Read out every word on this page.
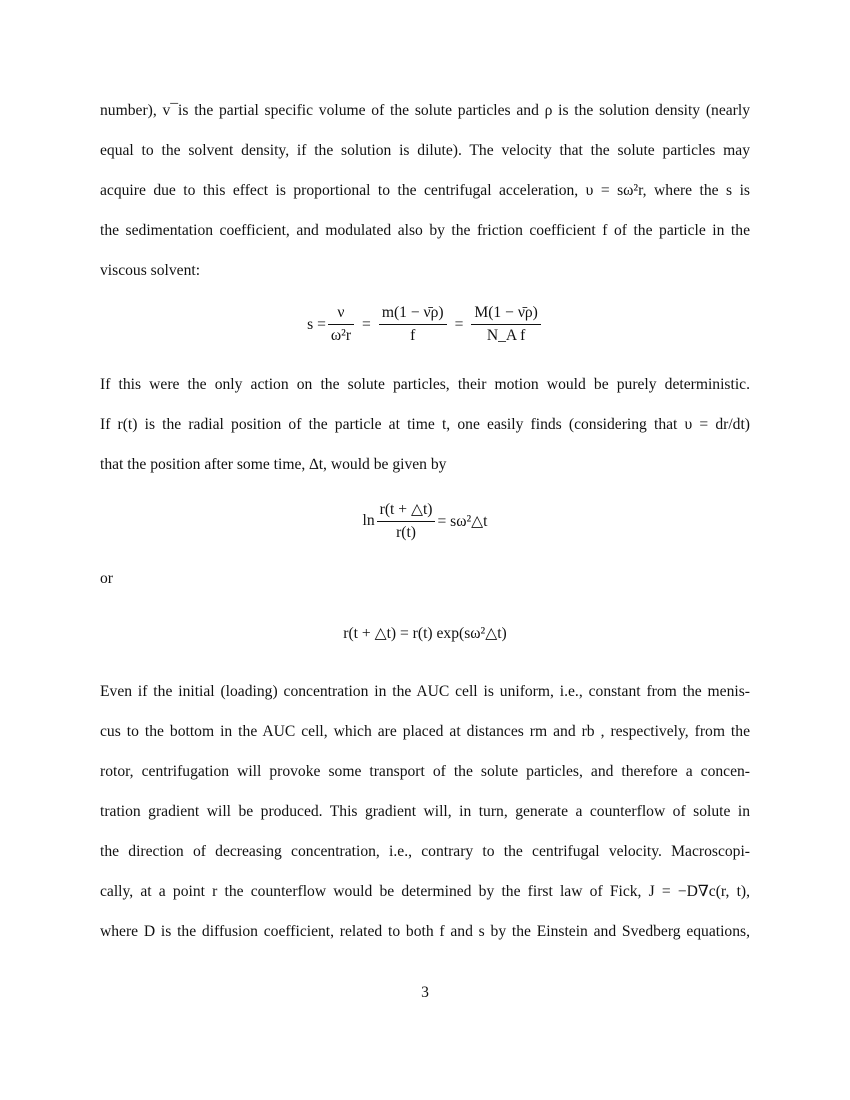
number), v¯is the partial specific volume of the solute particles and ρ is the solution density (nearly
equal to the solvent density, if the solution is dilute). The velocity that the solute particles may
acquire due to this effect is proportional to the centrifugal acceleration, υ = sω²r, where the s is
the sedimentation coefficient, and modulated also by the friction coefficient f of the particle in the
viscous solvent:
$s = \frac{\nu}{\text{ω²r}} = \frac{m(1 - \nū\rho)}{f} = \frac{M(1 - \nū\rho)}{\text{N\_A f}}$
If this were the only action on the solute particles, their motion would be purely deterministic.
If r(t) is the radial position of the particle at time t, one easily finds (considering that υ = dr/dt)
that the position after some time, ∆t, would be given by
$\ln \frac{r(t + \triangle t)}{r(t)}$ = sω²△t
or
r(t + △t) = r(t) exp(sω²△t)
Even if the initial (loading) concentration in the AUC cell is uniform, i.e., constant from the menis-
cus to the bottom in the AUC cell, which are placed at distances rm and rb , respectively, from the
rotor, centrifugation will provoke some transport of the solute particles, and therefore a concen-
tration gradient will be produced. This gradient will, in turn, generate a counterflow of solute in
the direction of decreasing concentration, i.e., contrary to the centrifugal velocity. Macroscopi-
cally, at a point r the counterflow would be determined by the first law of Fick, J = −D∇c(r, t),
where D is the diffusion coefficient, related to both f and s by the Einstein and Svedberg equations,
3
